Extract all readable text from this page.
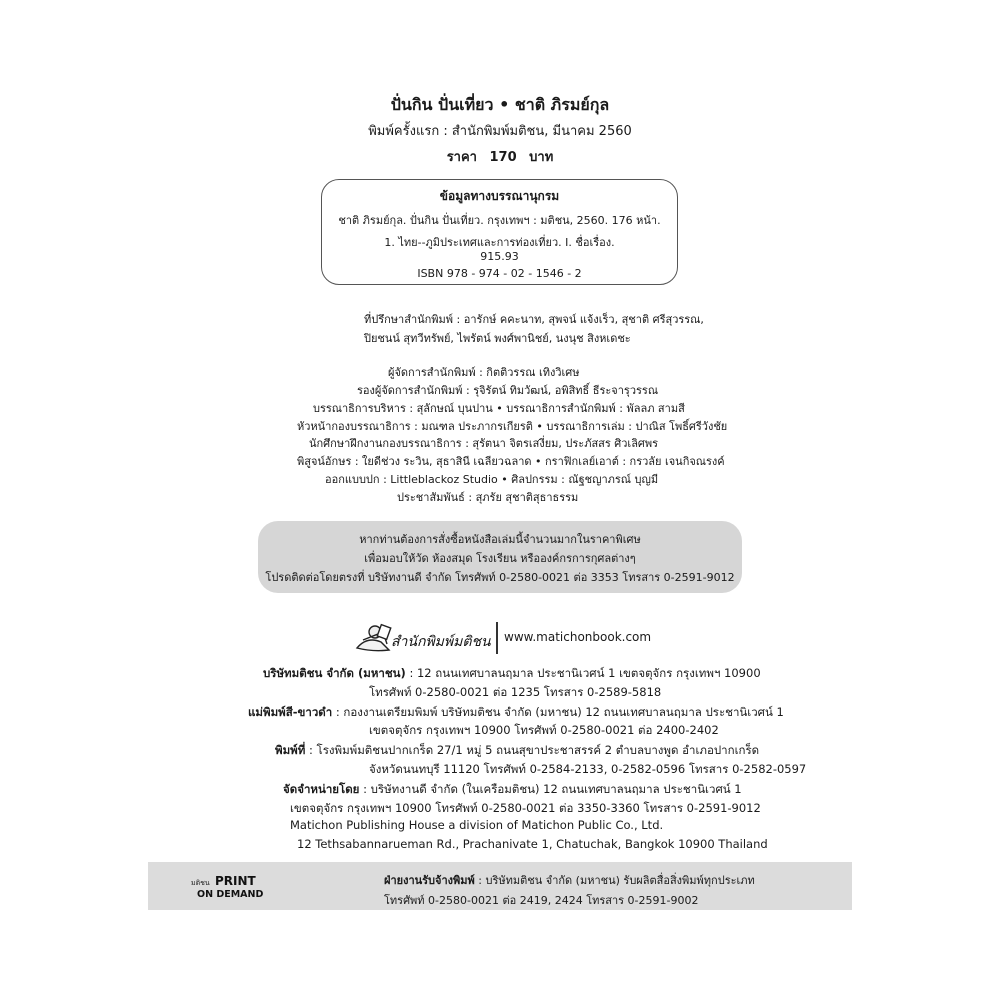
ปั่นกิน ปั่นเที่ยว • ชาติ ภิรมย์กุล
พิมพ์ครั้งแรก : สำนักพิมพ์มติชน, มีนาคม 2560
ราคา 170 บาท
ข้อมูลทางบรรณานุกรม
ชาติ ภิรมย์กุล. ปั่นกิน ปั่นเที่ยว. กรุงเทพฯ : มติชน, 2560. 176 หน้า.
1. ไทย--ภูมิประเทศและการท่องเที่ยว. I. ชื่อเรื่อง.
915.93
ISBN 978 - 974 - 02 - 1546 - 2
ที่ปรึกษาสำนักพิมพ์ : อารักษ์ คคะนาท, สุพจน์ แจ้งเร็ว, สุชาติ ศรีสุวรรณ,
ปิยชนน์ สุทวีทรัพย์, ไพรัตน์ พงศ์พานิชย์, นงนุช สิงหเดชะ
ผู้จัดการสำนักพิมพ์ : กิตติวรรณ เทิงวิเศษ
รองผู้จัดการสำนักพิมพ์ : รุจิรัตน์ ทิมวัฒน์, อพิสิทธิ์ ธีระจารุวรรณ
บรรณาธิการบริหาร : สุลักษณ์ บุนปาน • บรรณาธิการสำนักพิมพ์ : พัลลภ สามสี
หัวหน้ากองบรรณาธิการ : มณฑล ประภากรเกียรติ • บรรณาธิการเล่ม : ปาณิส โพธิ์ศรีวังชัย
นักศึกษาฝึกงานกองบรรณาธิการ : สุรัตนา จิตรเสงี่ยม, ประภัสสร ศิวเลิศพร
พิสูจน์อักษร : ใยดีช่วง ระวิน, สุธาสินี เฉลียวฉลาด • กราฟิกเลย์เอาต์ : กรวลัย เจนกิจณรงค์
ออกแบบปก : Littleblackoz Studio • ศิลปกรรม : ณัฐชญาภรณ์ บุญมี
ประชาสัมพันธ์ : สุภรัย สุชาติสุธาธรรม
หากท่านต้องการสั่งซื้อหนังสือเล่มนี้จำนวนมากในราคาพิเศษ
เพื่อมอบให้วัด ห้องสมุด โรงเรียน หรือองค์กรการกุศลต่างๆ
โปรดติดต่อโดยตรงที่ บริษัทงานดี จำกัด โทรศัพท์ 0-2580-0021 ต่อ 3353 โทรสาร 0-2591-9012
สำนักพิมพ์มติชน www.matichonbook.com
บริษัทมติชน จำกัด (มหาชน) : 12 ถนนเทศบาลนฤมาล ประชานิเวศน์ 1 เขตจตุจักร กรุงเทพฯ 10900
โทรศัพท์ 0-2580-0021 ต่อ 1235 โทรสาร 0-2589-5818
แม่พิมพ์สี-ขาวดำ : กองงานเตรียมพิมพ์ บริษัทมติชน จำกัด (มหาชน) 12 ถนนเทศบาลนฤมาล ประชานิเวศน์ 1
เขตจตุจักร กรุงเทพฯ 10900 โทรศัพท์ 0-2580-0021 ต่อ 2400-2402
พิมพ์ที่ : โรงพิมพ์มติชนปากเกร็ด 27/1 หมู่ 5 ถนนสุขาประชาสรรค์ 2 ตำบลบางพูด อำเภอปากเกร็ด
จังหวัดนนทบุรี 11120 โทรศัพท์ 0-2584-2133, 0-2582-0596 โทรสาร 0-2582-0597
จัดจำหน่ายโดย : บริษัทงานดี จำกัด (ในเครือมติชน) 12 ถนนเทศบาลนฤมาล ประชานิเวศน์ 1
เขตจตุจักร กรุงเทพฯ 10900 โทรศัพท์ 0-2580-0021 ต่อ 3350-3360 โทรสาร 0-2591-9012
Matichon Publishing House a division of Matichon Public Co., Ltd.
12 Tethsabannarueman Rd., Prachanivate 1, Chatuchak, Bangkok 10900 Thailand
มติชน PRINT
ON DEMAND
ฝ่ายงานรับจ้างพิมพ์ : บริษัทมติชน จำกัด (มหาชน) รับผลิตสื่อสิ่งพิมพ์ทุกประเภท
โทรศัพท์ 0-2580-0021 ต่อ 2419, 2424 โทรสาร 0-2591-9002
